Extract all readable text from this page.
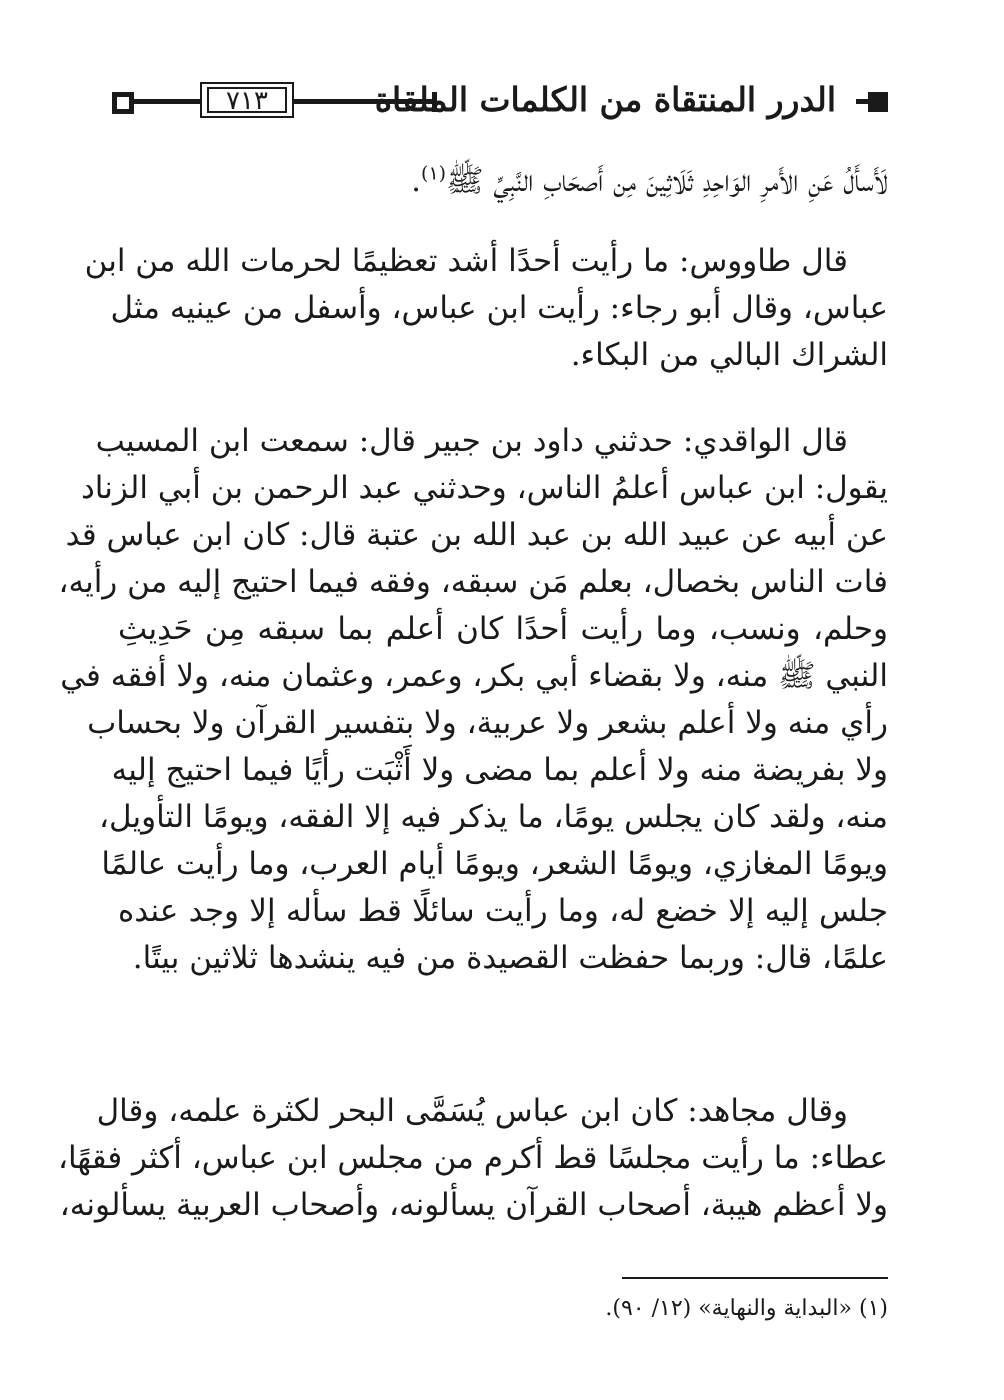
٧١٣	الدرر المنتقاة من الكلمات الملقاة
لَأَسأَلُ عَنِ الأَمرِ الوَاحِدِ ثَلَاثِينَ مِن أَصحَابِ النَّبِيِّ ﷺ$^{(١)}$.
قال طاووس: ما رأيت أحدًا أشد تعظيمًا لحرمات الله من ابن
عباس، وقال أبو رجاء: رأيت ابن عباس، وأسفل من عينيه مثل
الشراك البالي من البكاء.
قال الواقدي: حدثني داود بن جبير قال: سمعت ابن المسيب
يقول: ابن عباس أعلمُ الناس، وحدثني عبد الرحمن بن أبي الزناد
عن أبيه عن عبيد الله بن عبد الله بن عتبة قال: كان ابن عباس قد
فات الناس بخصال، بعلم مَن سبقه، وفقه فيما احتيج إليه من رأيه،
وحلم، ونسب، وما رأيت أحدًا كان أعلم بما سبقه مِن حَدِيثِ
النبي ﷺ منه، ولا بقضاء أبي بكر، وعمر، وعثمان منه، ولا أفقه في
رأي منه ولا أعلم بشعر ولا عربية، ولا بتفسير القرآن ولا بحساب
ولا بفريضة منه ولا أعلم بما مضى ولا أَثْبَت رأيًا فيما احتيج إليه
منه، ولقد كان يجلس يومًا، ما يذكر فيه إلا الفقه، ويومًا التأويل،
ويومًا المغازي، ويومًا الشعر، ويومًا أيام العرب، وما رأيت عالمًا
جلس إليه إلا خضع له، وما رأيت سائلًا قط سأله إلا وجد عنده
علمًا، قال: وربما حفظت القصيدة من فيه ينشدها ثلاثين بيتًا.
وقال مجاهد: كان ابن عباس يُسَمَّى البحر لكثرة علمه، وقال
عطاء: ما رأيت مجلسًا قط أكرم من مجلس ابن عباس، أكثر فقهًا،
ولا أعظم هيبة، أصحاب القرآن يسألونه، وأصحاب العربية يسألونه،
(١) «البداية والنهاية» (١٢/ ٩٠).
